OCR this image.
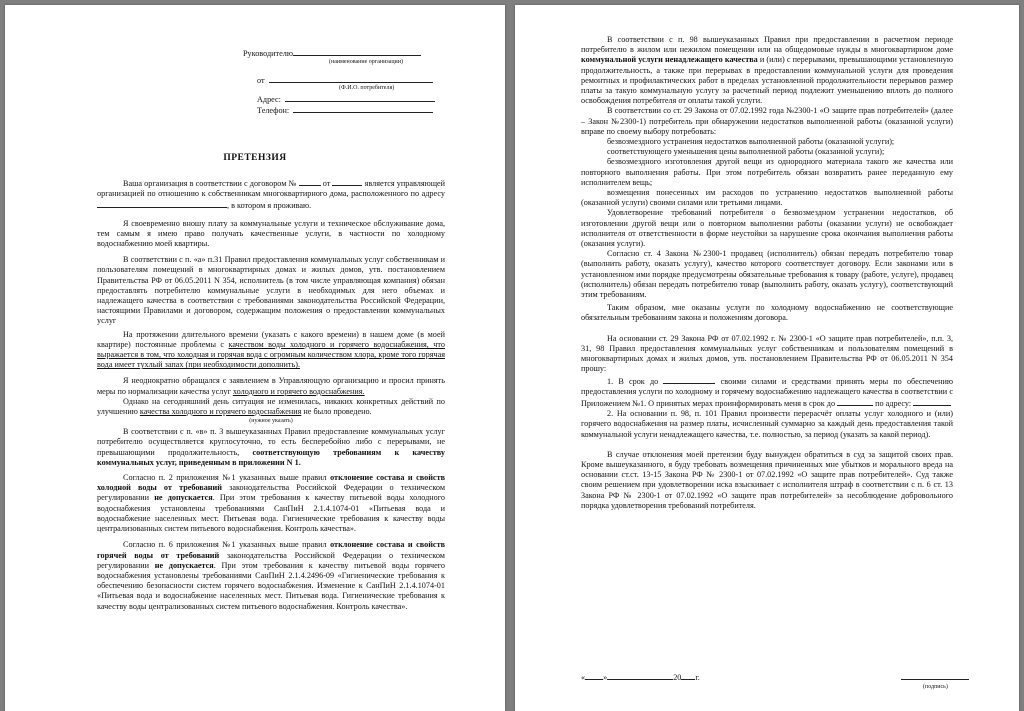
Руководителю
(наименование организации)
от
(Ф.И.О. потребителя)
Адрес:
Телефон:
ПРЕТЕНЗИЯ
Ваша организация в соответствии с договором №	от	является управляющей организацией по отношению к собственникам многоквартирного дома, расположенного по адресу , в котором я проживаю.
Я своевременно вношу плату за коммунальные услуги и техническое обслуживание дома, тем самым я имею право получать качественные услуги, в частности по холодному водоснабжению моей квартиры.
В соответствии с п. «а» п.31 Правил предоставления коммунальных услуг собственникам и пользователям помещений в многоквартирных домах и жилых домов, утв. постановлением Правительства РФ от 06.05.2011 N 354, исполнитель (в том числе управляющая компания) обязан предоставлять потребителю коммунальные услуги в необходимых для него объемах и надлежащего качества в соответствии с требованиями законодательства Российской Федерации, настоящими Правилами и договором, содержащим положения о предоставлении коммунальных услуг
На протяжении длительного времени (указать с какого времени) в нашем доме (в моей квартире) постоянные проблемы с качеством воды холодного и горячего водоснабжения, что выражается в том, что холодная и горячая вода с огромным количеством хлора, кроме того горячая вода имеет тухлый запах (при необходимости дополнить).
Я неоднократно обращался с заявлением в Управляющую организацию и просил принять меры по нормализации качества услуг холодного и горячего водоснабжения.
Однако на сегодняшний день ситуация не изменилась, никаких конкретных действий по улучшению качества холодного и горячего водоснабжения не было проведено.
(нужное указать)
В соответствии с п. «в» п. 3 вышеуказанных Правил предоставление коммунальных услуг потребителю осуществляется круглосуточно, то есть бесперебойно либо с перерывами, не превышающими продолжительность, соответствующую требованиям к качеству коммунальных услуг, приведенным в приложении N 1.
Согласно п. 2 приложения №1 указанных выше правил отклонение состава и свойств холодной воды от требований законодательства Российской Федерации о техническом регулировании не допускается. При этом требования к качеству питьевой воды холодного водоснабжения установлены требованиями СанПиН 2.1.4.1074-01 «Питьевая вода и водоснабжение населенных мест. Питьевая вода. Гигиенические требования к качеству воды централизованных систем питьевого водоснабжения. Контроль качества».
Согласно п. 6 приложения №1 указанных выше правил отклонение состава и свойств горячей воды от требований законодательства Российской Федерации о техническом регулировании не допускается. При этом требования к качеству питьевой воды горячего водоснабжения установлены требованиями СанПиН 2.1.4.2496-09 «Гигиенические требования к обеспечению безопасности систем горячего водоснабжения. Изменение к СанПиН 2.1.4.1074-01 «Питьевая вода и водоснабжение населенных мест. Питьевая вода. Гигиенические требования к качеству воды централизованных систем питьевого водоснабжения. Контроль качества».
В соответствии с п. 98 вышеуказанных Правил при предоставлении в расчетном периоде потребителю в жилом или нежилом помещении или на общедомовые нужды в многоквартирном доме коммунальной услуги ненадлежащего качества и (или) с перерывами, превышающими установленную продолжительность, а также при перерывах в предоставлении коммунальной услуги для проведения ремонтных и профилактических работ в пределах установленной продолжительности перерывов размер платы за такую коммунальную услугу за расчетный период подлежит уменьшению вплоть до полного освобождения потребителя от оплаты такой услуги.
В соответствии со ст. 29 Закона от 07.02.1992 года №2300-1 «О защите прав потребителей» (далее – Закон №2300-1) потребитель при обнаружении недостатков выполненной работы (оказанной услуги) вправе по своему выбору потребовать:
безвозмездного устранения недостатков выполненной работы (оказанной услуги);
соответствующего уменьшения цены выполненной работы (оказанной услуги);
безвозмездного изготовления другой вещи из однородного материала такого же качества или повторного выполнения работы. При этом потребитель обязан возвратить ранее переданную ему исполнителем вещь;
возмещения понесенных им расходов по устранению недостатков выполненной работы (оказанной услуги) своими силами или третьими лицами.
Удовлетворение требований потребителя о безвозмездном устранении недостатков, об изготовлении другой вещи или о повторном выполнении работы (оказании услуги) не освобождает исполнителя от ответственности в форме неустойки за нарушение срока окончания выполнения работы (оказания услуги).
Согласно ст. 4 Закона №2300-1 продавец (исполнитель) обязан передать потребителю товар (выполнить работу, оказать услугу), качество которого соответствует договору. Если законами или в установленном ими порядке предусмотрены обязательные требования к товару (работе, услуге), продавец (исполнитель) обязан передать потребителю товар (выполнить работу, оказать услугу), соответствующий этим требованиям.
Таким образом, мне оказаны услуги по холодному водоснабжению не соответствующие обязательным требованиям закона и положениям договора.
На основании ст. 29 Закона РФ от 07.02.1992 г. № 2300-1 «О защите прав потребителей», п.п. 3, 31, 98 Правил предоставления коммунальных услуг собственникам и пользователям помещений в многоквартирных домах и жилых домов, утв. постановлением Правительства РФ от 06.05.2011 N 354 прошу:
1. В срок до	своими силами и средствами принять меры по обеспечению предоставления услуги по холодному и горячему водоснабжению надлежащего качества в соответствии с Приложением №1. О принятых мерах проинформировать меня в срок до	по адресу:
2. На основании п. 98, п. 101 Правил произвести перерасчёт оплаты услуг холодного и (или) горячего водоснабжения на размер платы, исчисленный суммарно за каждый день предоставления такой коммунальной услуги ненадлежащего качества, т.е. полностью, за период (указать за какой период).
В случае отклонения моей претензии буду вынужден обратиться в суд за защитой своих прав. Кроме вышеуказанного, я буду требовать возмещения причиненных мне убытков и морального вреда на основании ст.ст. 13-15 Закона РФ № 2300-1 от 07.02.1992 «О защите прав потребителей». Суд также своим решением при удовлетворении иска взыскивает с исполнителя штраф в соответствии с п. 6 ст. 13 Закона РФ № 2300-1 от 07.02.1992 «О защите прав потребителей» за несоблюдение добровольного порядка удовлетворения требований потребителя.
« »	20 г.
(подпись)
